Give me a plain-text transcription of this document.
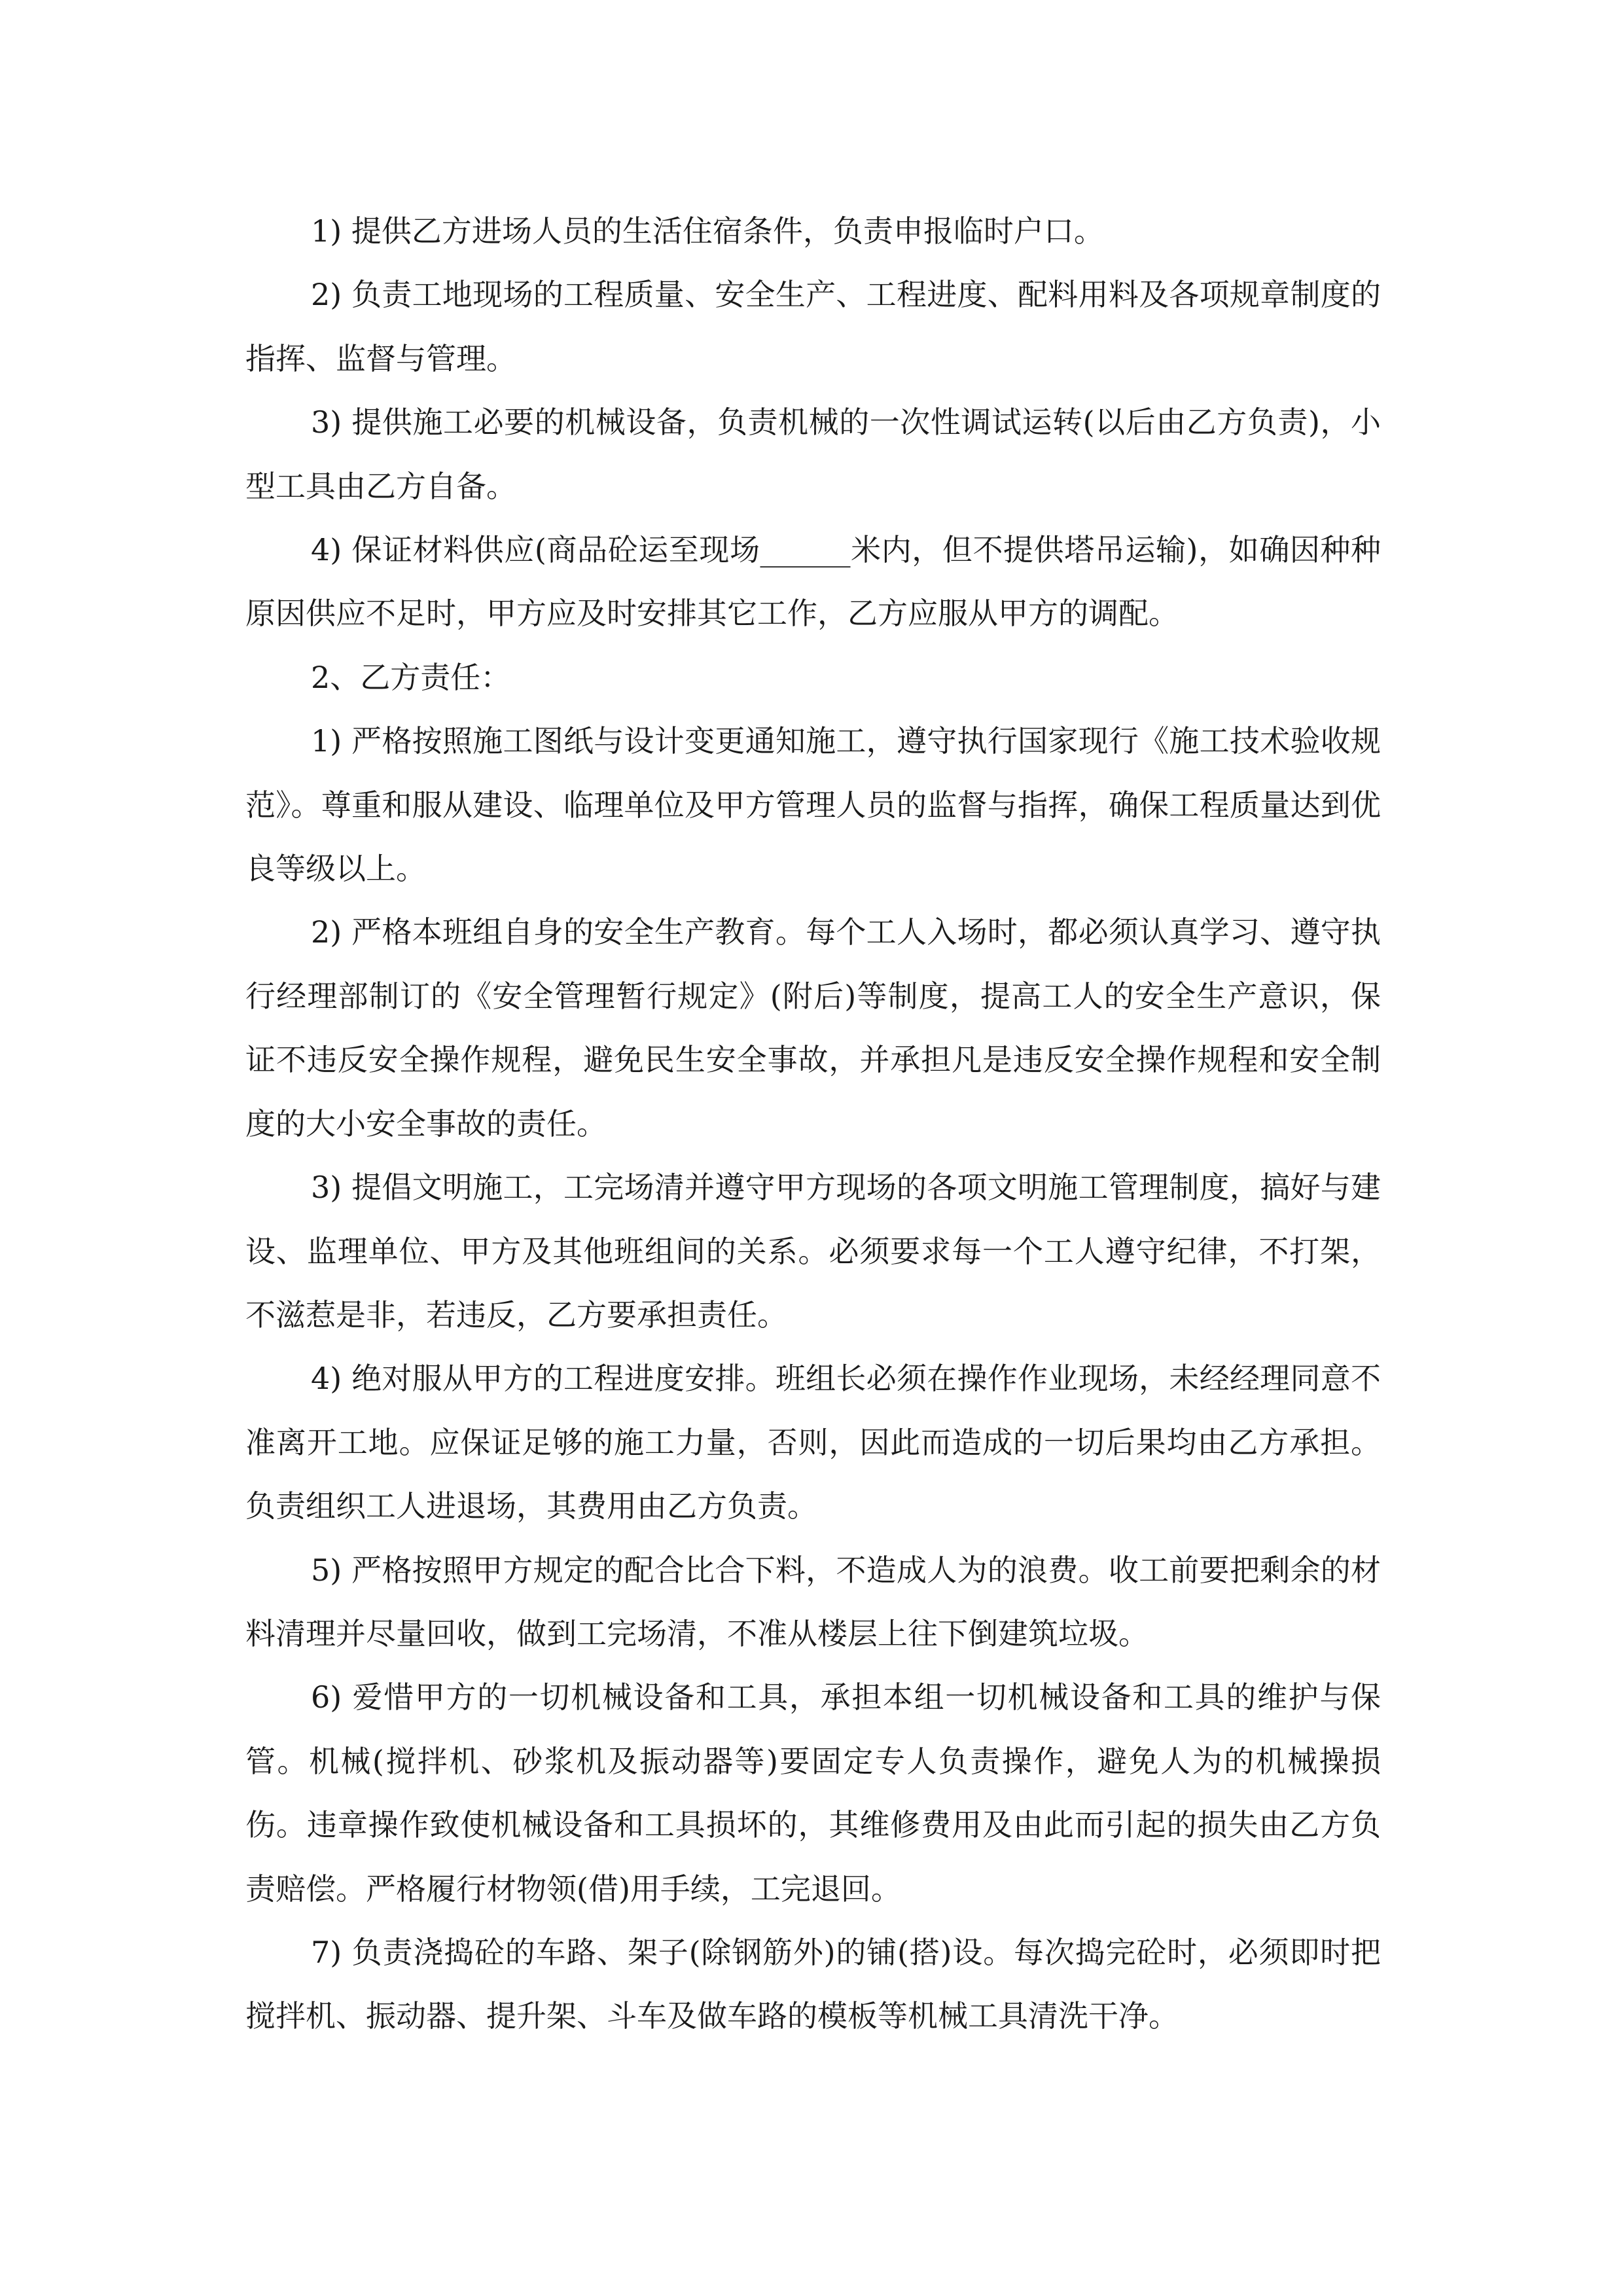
1) 提供乙方进场人员的生活住宿条件，负责申报临时户口。

2) 负责工地现场的工程质量、安全生产、工程进度、配料用料及各项规章制度的指挥、监督与管理。

3) 提供施工必要的机械设备，负责机械的一次性调试运转(以后由乙方负责)，小型工具由乙方自备。

4) 保证材料供应(商品砼运至现场______米内，但不提供塔吊运输)，如确因种种原因供应不足时，甲方应及时安排其它工作，乙方应服从甲方的调配。

2、乙方责任：

1) 严格按照施工图纸与设计变更通知施工，遵守执行国家现行《施工技术验收规范》。尊重和服从建设、临理单位及甲方管理人员的监督与指挥，确保工程质量达到优良等级以上。

2) 严格本班组自身的安全生产教育。每个工人入场时，都必须认真学习、遵守执行经理部制订的《安全管理暂行规定》(附后)等制度，提高工人的安全生产意识，保证不违反安全操作规程，避免民生安全事故，并承担凡是违反安全操作规程和安全制度的大小安全事故的责任。

3) 提倡文明施工，工完场清并遵守甲方现场的各项文明施工管理制度，搞好与建设、监理单位、甲方及其他班组间的关系。必须要求每一个工人遵守纪律，不打架，不滋惹是非，若违反，乙方要承担责任。

4) 绝对服从甲方的工程进度安排。班组长必须在操作作业现场，未经经理同意不准离开工地。应保证足够的施工力量，否则，因此而造成的一切后果均由乙方承担。负责组织工人进退场，其费用由乙方负责。

5) 严格按照甲方规定的配合比合下料，不造成人为的浪费。收工前要把剩余的材料清理并尽量回收，做到工完场清，不准从楼层上往下倒建筑垃圾。

6) 爱惜甲方的一切机械设备和工具，承担本组一切机械设备和工具的维护与保管。机械(搅拌机、砂浆机及振动器等)要固定专人负责操作，避免人为的机械操损伤。违章操作致使机械设备和工具损坏的，其维修费用及由此而引起的损失由乙方负责赔偿。严格履行材物领(借)用手续，工完退回。

7) 负责浇捣砼的车路、架子(除钢筋外)的铺(搭)设。每次捣完砼时，必须即时把搅拌机、振动器、提升架、斗车及做车路的模板等机械工具清洗干净。
